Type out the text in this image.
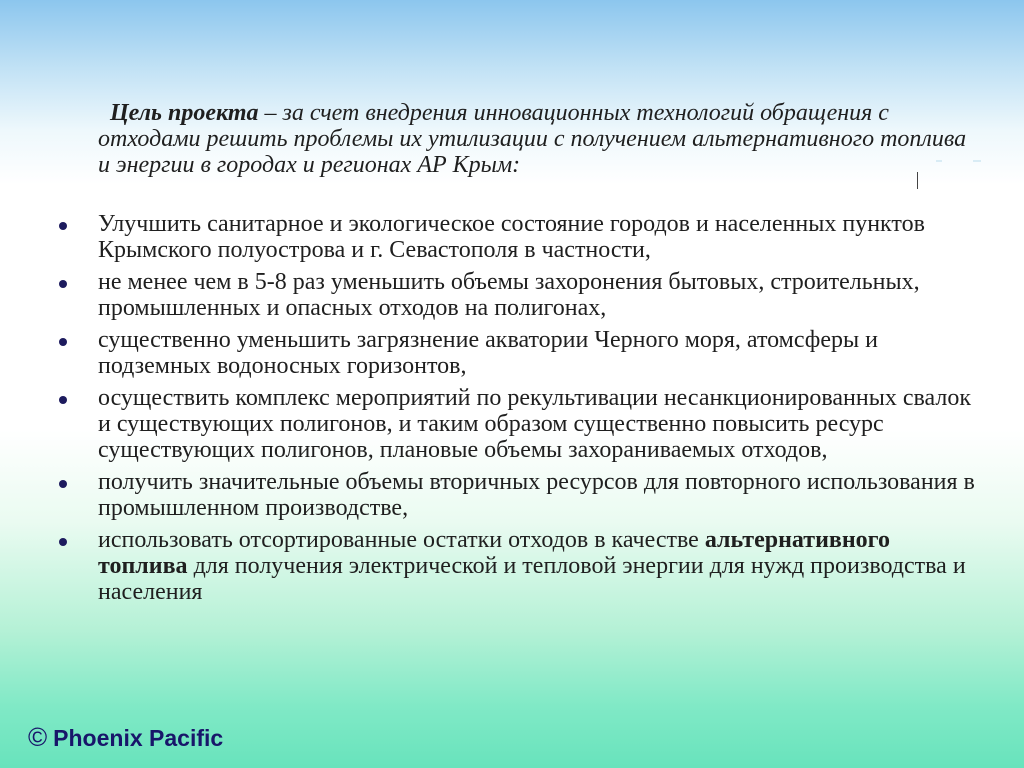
Цель проекта – за счет внедрения инновационных технологий обращения с отходами решить проблемы их утилизации с получением альтернативного топлива и энергии в городах и регионах АР Крым:
Улучшить санитарное и экологическое состояние городов и населенных пунктов Крымского полуострова и г. Севастополя в частности,
не менее чем в 5-8 раз уменьшить объемы захоронения бытовых, строительных, промышленных и опасных отходов на полигонах,
существенно уменьшить загрязнение акватории Черного моря, атомсферы и подземных водоносных горизонтов,
осуществить комплекс мероприятий по рекультивации несанкционированных свалок и существующих полигонов, и таким образом существенно повысить ресурс существующих полигонов, плановые объемы захораниваемых отходов,
получить значительные объемы вторичных ресурсов для повторного использования в промышленном производстве,
использовать отсортированные остатки отходов в качестве альтернативного топлива для получения электрической и тепловой энергии для нужд производства и населения
© Phoenix Pacific
